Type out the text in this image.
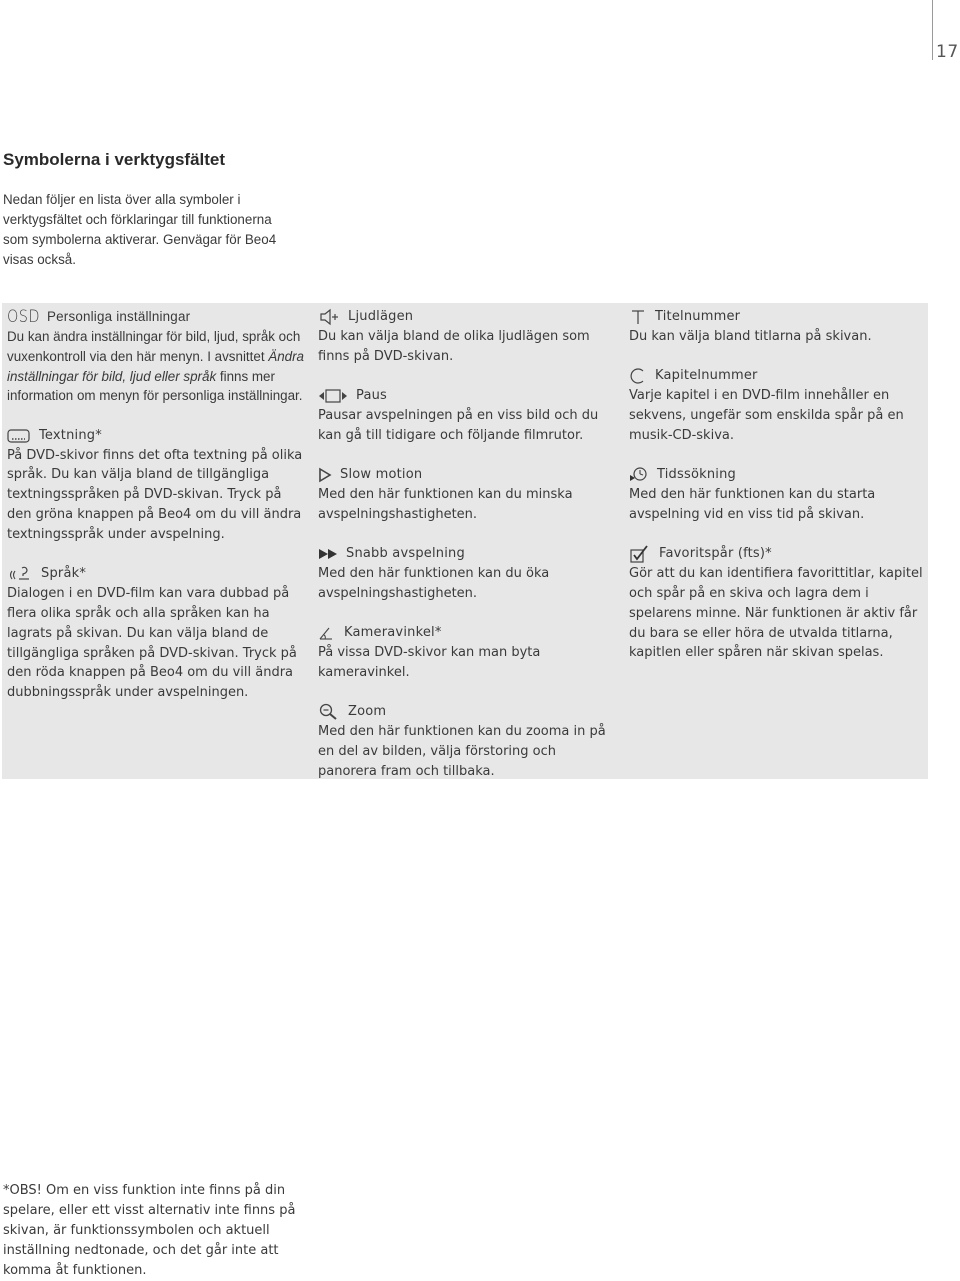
17
Symbolerna i verktygsfältet

Nedan följer en lista över alla symboler i verktygsfältet och förklaringar till funktionerna som symbolerna aktiverar. Genvägar för Beo4 visas också.

OSD Personliga inställningar

Du kan ändra inställningar för bild, ljud, språk och vuxenkontroll via den här menyn. I avsnittet Ändra inställningar för bild, ljud eller språk finns mer information om menyn för personliga inställningar.

Textning*

På DVD-skivor finns det ofta textning på olika språk. Du kan välja bland de tillgängliga textningsspråken på DVD-skivan. Tryck på den gröna knappen på Beo4 om du vill ändra textningsspråk under avspelning.

Språk*

Dialogen i en DVD-film kan vara dubbad på flera olika språk och alla språken kan ha lagrats på skivan. Du kan välja bland de tillgängliga språken på DVD-skivan. Tryck på den röda knappen på Beo4 om du vill ändra dubbningsspråk under avspelningen.

Ljudlägen

Du kan välja bland de olika ljudlägen som finns på DVD-skivan.

Paus

Pausar avspelningen på en viss bild och du kan gå till tidigare och följande filmrutor.

Slow motion

Med den här funktionen kan du minska avspelningshastigheten.

Snabb avspelning

Med den här funktionen kan du öka avspelningshastigheten.

Kameravinkel*

På vissa DVD-skivor kan man byta kameravinkel.

Zoom

Med den här funktionen kan du zooma in på en del av bilden, välja förstoring och panorera fram och tillbaka.

Titelnummer

Du kan välja bland titlarna på skivan.

Kapitelnummer

Varje kapitel i en DVD-film innehåller en sekvens, ungefär som enskilda spår på en musik-CD-skiva.

Tidssökning

Med den här funktionen kan du starta avspelning vid en viss tid på skivan.

Favoritspår (fts)*

Gör att du kan identifiera favorittitlar, kapitel och spår på en skiva och lagra dem i spelarens minne. När funktionen är aktiv får du bara se eller höra de utvalda titlarna, kapitlen eller spåren när skivan spelas.

*OBS! Om en viss funktion inte finns på din spelare, eller ett visst alternativ inte finns på skivan, är funktionssymbolen och aktuell inställning nedtonade, och det går inte att komma åt funktionen.
